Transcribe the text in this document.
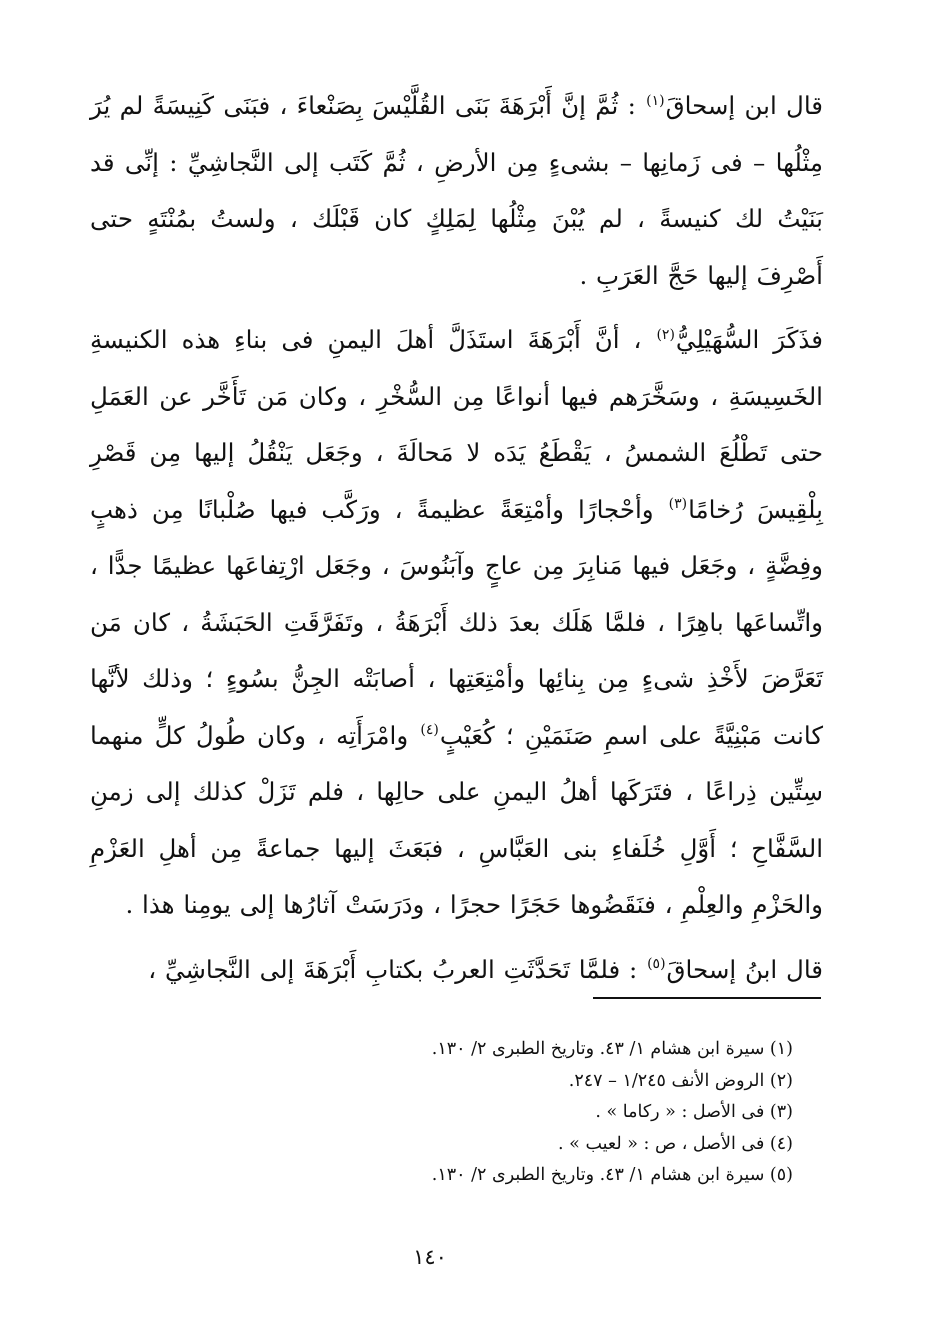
قال ابن إسحاقَ$^{(١)}$ : ثُمَّ إنَّ أَبْرَهَةَ بَنَى القُلَّيْسَ بِصَنْعاءَ ، فبَنَى كَنِيسَةً لم يُرَ مِثْلُها – فى زَمانِها – بشىءٍ مِن الأرضِ ، ثُمَّ كَتَب إلى النَّجاشِيِّ : إنِّى قد بَنَيْتُ لك كنيسةً ، لم يُبْنَ مِثْلُها لِمَلِكٍ كان قَبْلَك ، ولستُ بمُنْتَهٍ حتى أَصْرِفَ إليها حَجَّ العَرَبِ .

فذَكَرَ السُّهَيْلِيُّ$^{(٢)}$ ، أنَّ أَبْرَهَةَ استَذَلَّ أهلَ اليمنِ فى بناءِ هذه الكنيسةِ الخَسِيسَةِ ، وسَخَّرَهم فيها أنواعًا مِن السُّخْرِ ، وكان مَن تَأَخَّر عن العَمَلِ حتى تَطْلُعَ الشمسُ ، يَقْطَعُ يَدَه لا مَحالَةَ ، وجَعَل يَنْقُلُ إليها مِن قَصْرِ بِلْقِيسَ رُخامًا$^{(٣)}$ وأحْجارًا وأمْتِعَةً عظيمةً ، ورَكَّب فيها صُلْبانًا مِن ذهبٍ وفِضَّةٍ ، وجَعَل فيها مَنابِرَ مِن عاجٍ وآبَنُوسَ ، وجَعَل ارْتِفاعَها عظيمًا جدًّا ، واتِّساعَها باهِرًا ، فلمَّا هَلَك بعدَ ذلك أَبْرَهَةُ ، وتَفَرَّقَتِ الحَبَشَةُ ، كان مَن تَعَرَّضَ لأَخْذِ شىءٍ مِن بِنائِها وأمْتِعَتِها ، أصابَتْه الجِنُّ بسُوءٍ ؛ وذلك لأنَّها كانت مَبْنِيَّةً على اسمِ صَنَمَيْنِ ؛ كُعَيْبٍ$^{(٤)}$ وامْرَأَتِه ، وكان طُولُ كلٍّ منهما سِتِّين ذِراعًا ، فتَرَكَها أهلُ اليمنِ على حالِها ، فلم تَزَلْ كذلك إلى زمنِ السَّفَّاحِ ؛ أَوَّلِ خُلَفاءِ بنى العَبَّاسِ ، فبَعَثَ إليها جماعةً مِن أهلِ العَزْمِ والحَزْمِ والعِلْمِ ، فنَقَضُوها حَجَرًا حجرًا ، ودَرَسَتْ آثارُها إلى يومِنا هذا .

قال ابنُ إسحاقَ$^{(٥)}$ : فلمَّا تَحَدَّثَتِ العربُ بكتابِ أَبْرَهَةَ إلى النَّجاشِيِّ ،

(١) سيرة ابن هشام ١/ ٤٣. وتاريخ الطبرى ٢/ ١٣٠.
(٢) الروض الأنف ١/٢٤٥ – ٢٤٧.
(٣) فى الأصل : « ركاما » .
(٤) فى الأصل ، ص : « لعيب » .
(٥) سيرة ابن هشام ١/ ٤٣. وتاريخ الطبرى ٢/ ١٣٠.
١٤٠
